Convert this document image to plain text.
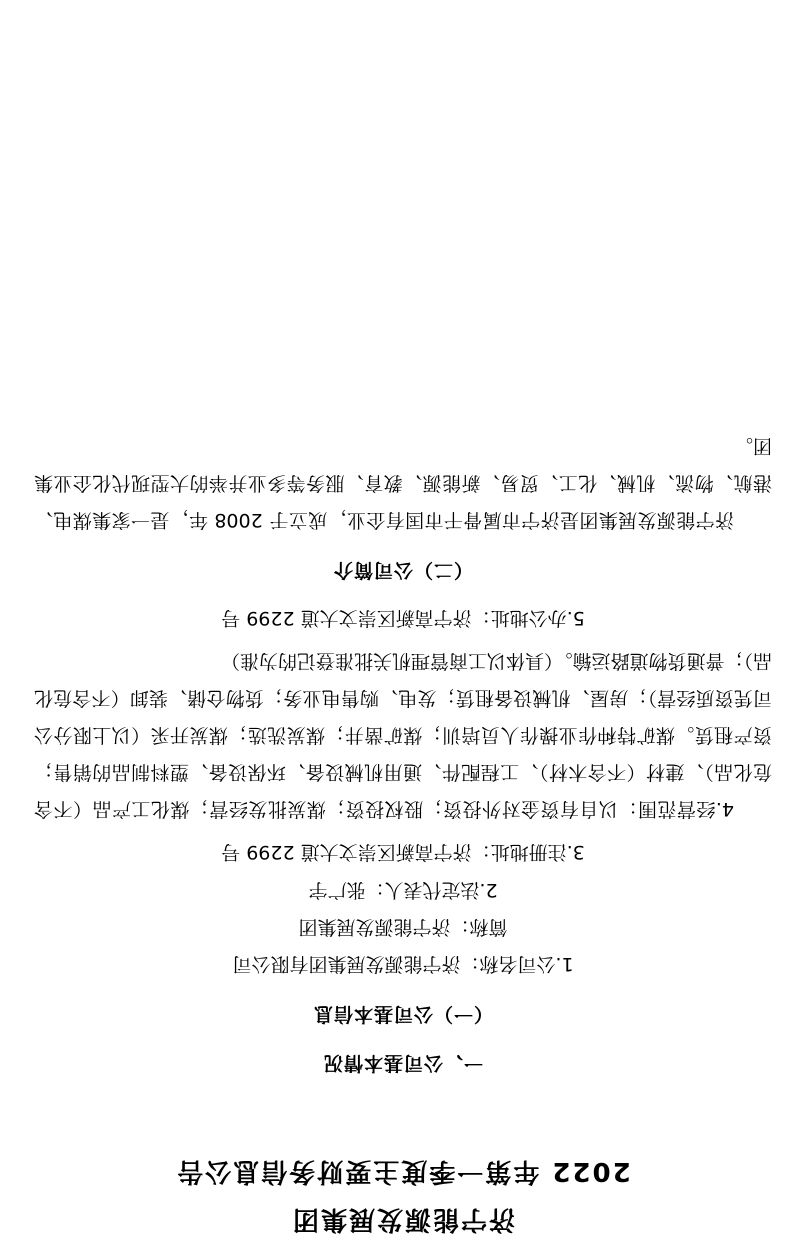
济宁能源发展集团
2022 年第一季度主要财务信息公告
一、公司基本情况
（一）公司基本信息

1.公司名称：济宁能源发展集团有限公司

简称：济宁能源发展集团

2.法定代表人：张广宇

3.注册地址：济宁高新区崇文大道 2299 号

4.经营范围：以自有资金对外投资；股权投资；煤炭批发经营；煤化工产品（不含危化品）、建材（不含木材）、工程配件、通用机械设备、环保设备、塑料制品的销售；资产租赁。煤矿特种作业操作人员培训；煤矿凿井；煤炭洗选；煤炭开采（以上限分公司凭资质经营）；房屋、机械设备租赁；发电、购售电业务；货物仓储、装卸（不含危化品）；普通货物道路运输。（具体以工商管理机关批准登记的为准）

5.办公地址：济宁高新区崇文大道 2299 号

（二）公司简介

济宁能源发展集团是济宁市属骨干市国有企业，成立于 2008 年，是一家集煤电、港航、物流、机械、化工、贸易、新能源、教育、服务等多业并举的大型现代化企业集团。
